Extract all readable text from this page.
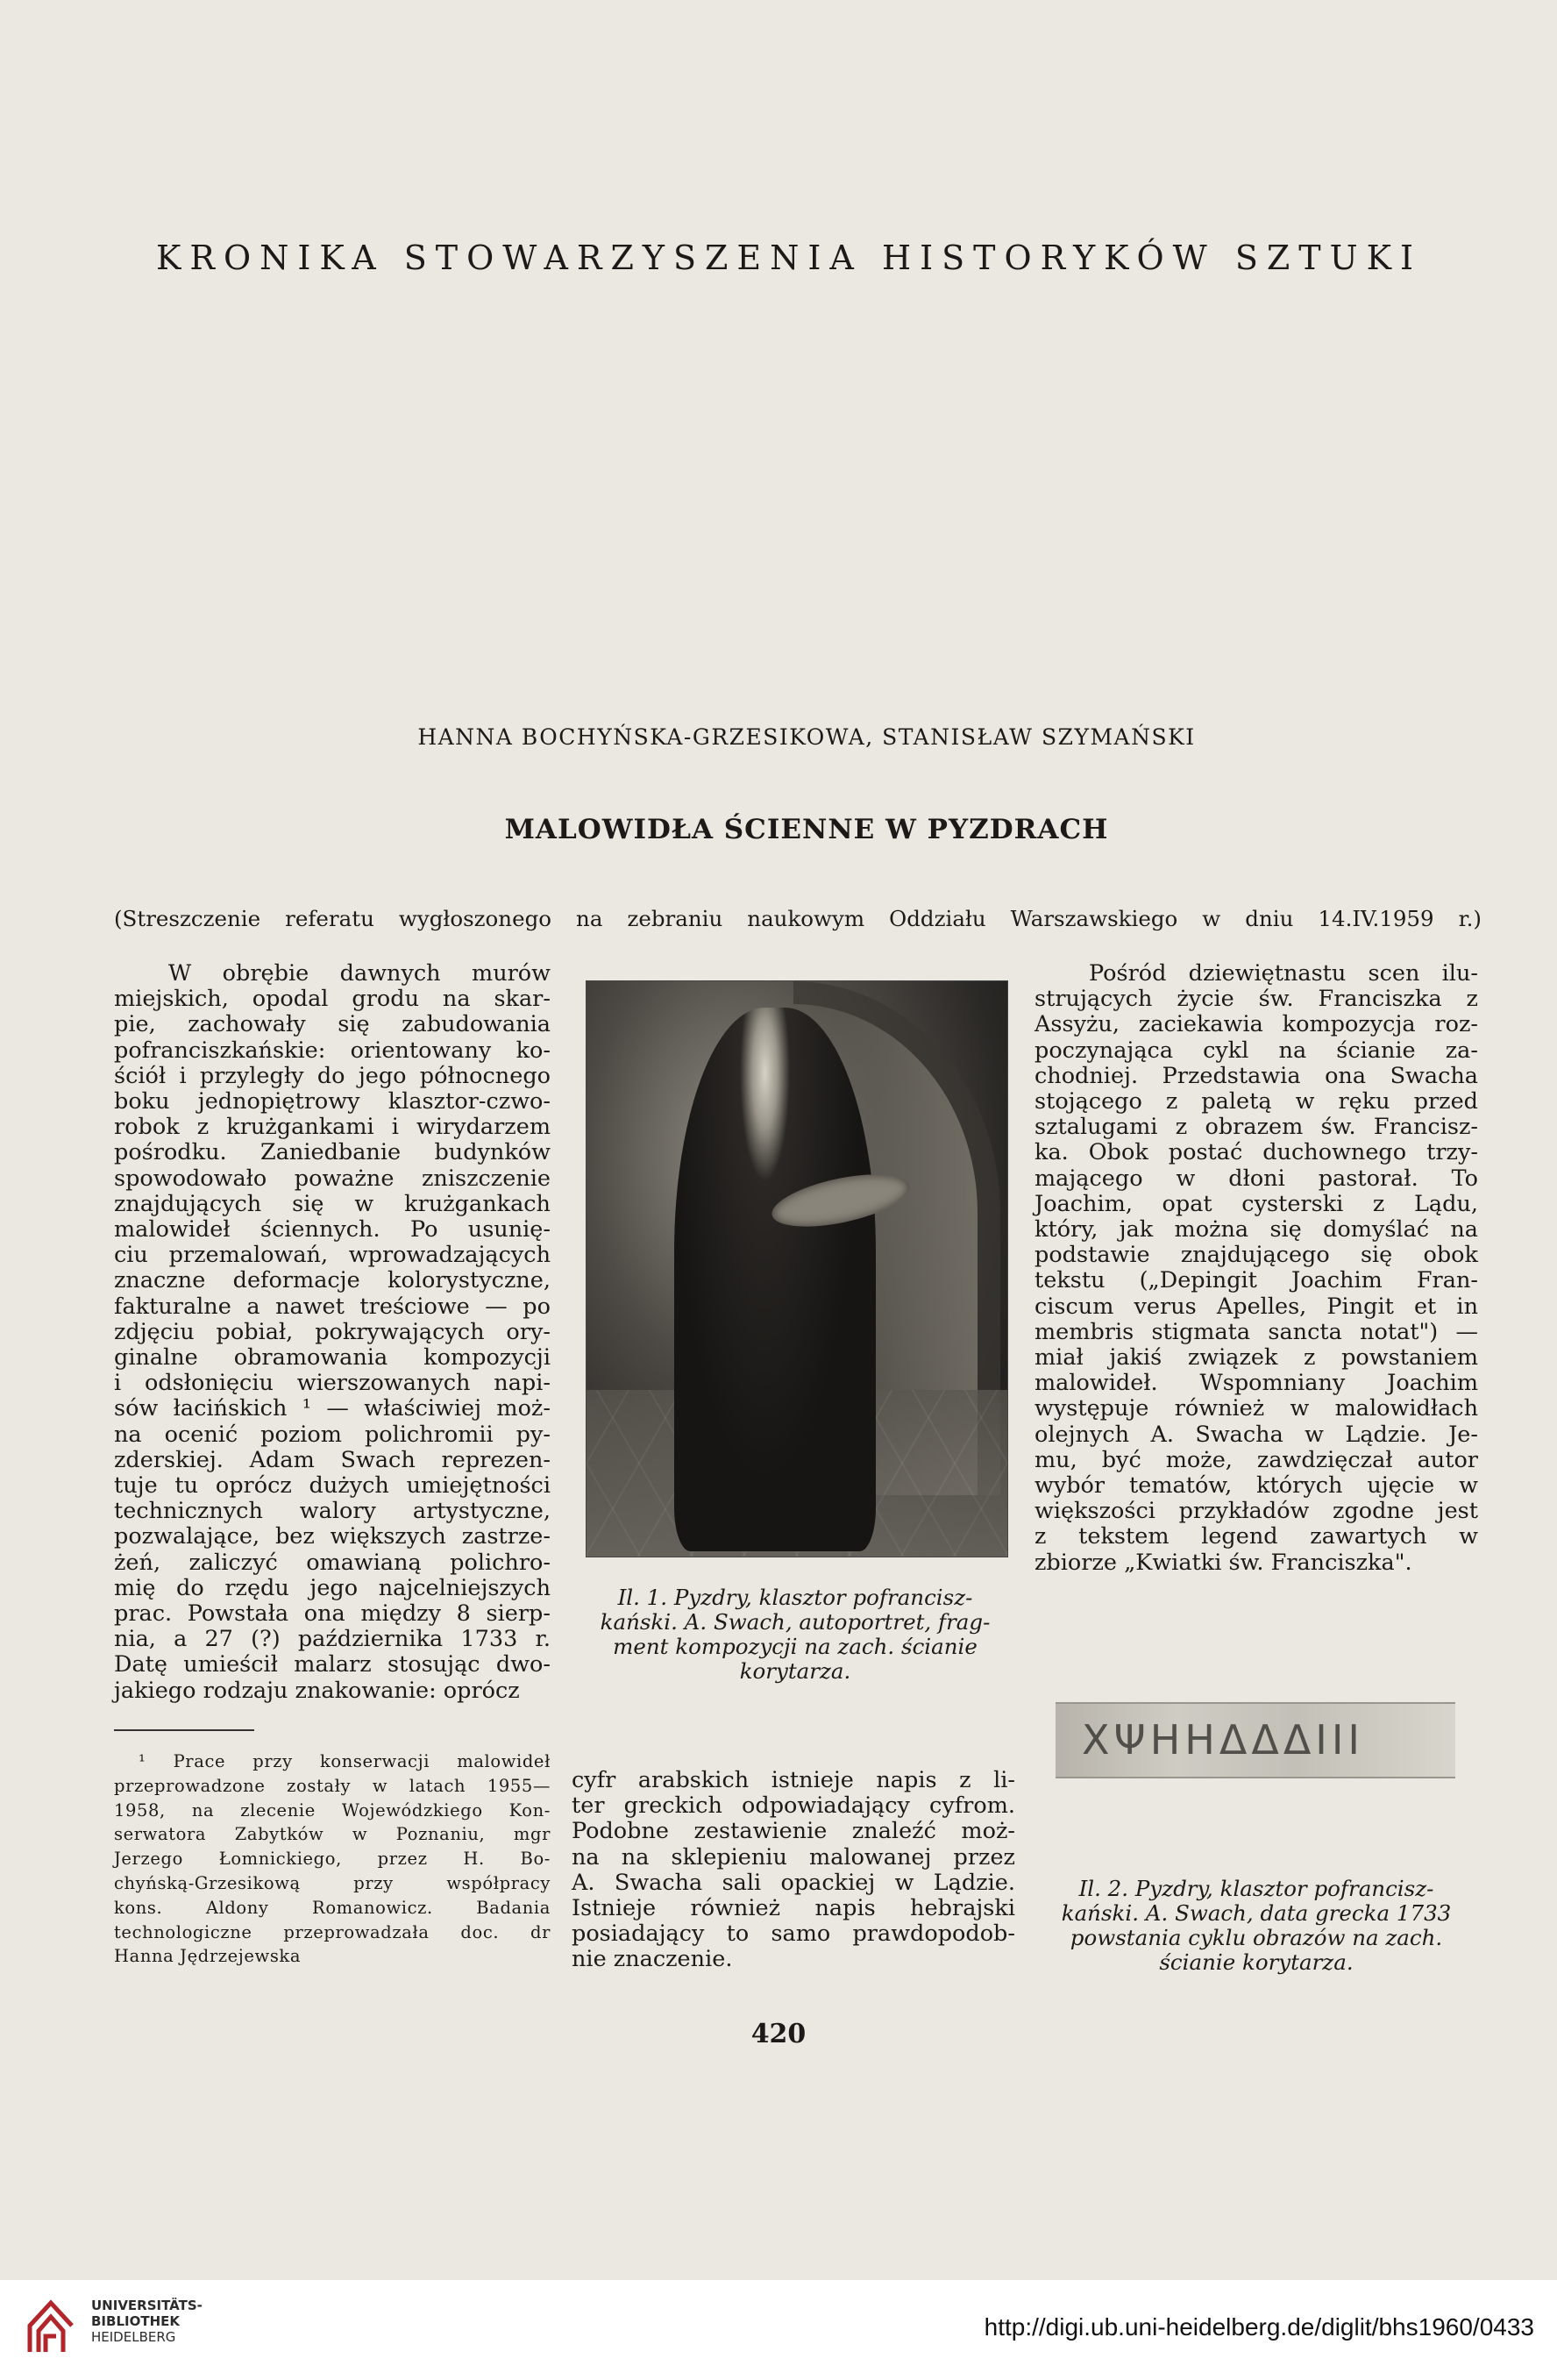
KRONIKA STOWARZYSZENIA HISTORYKÓW SZTUKI
HANNA BOCHYŃSKA-GRZESIKOWA, STANISŁAW SZYMAŃSKI
MALOWIDŁA ŚCIENNE W PYZDRACH
(Streszczenie referatu wygłoszonego na zebraniu naukowym Oddziału Warszawskiego w dniu 14.IV.1959 r.)
W obrębie dawnych murów
miejskich, opodal grodu na skar-
pie, zachowały się zabudowania
pofranciszkańskie: orientowany ko-
ściół i przyległy do jego północnego
boku jednopiętrowy klasztor-czwo-
robok z krużgankami i wirydarzem
pośrodku. Zaniedbanie budynków
spowodowało poważne zniszczenie
znajdujących się w krużgankach
malowideł ściennych. Po usunię-
ciu przemalowań, wprowadzających
znaczne deformacje kolorystyczne,
fakturalne a nawet treściowe — po
zdjęciu pobiał, pokrywających ory-
ginalne obramowania kompozycji
i odsłonięciu wierszowanych napi-
sów łacińskich ¹ — właściwiej moż-
na ocenić poziom polichromii py-
zderskiej. Adam Swach reprezen-
tuje tu oprócz dużych umiejętności
technicznych walory artystyczne,
pozwalające, bez większych zastrze-
żeń, zaliczyć omawianą polichro-
mię do rzędu jego najcelniejszych
prac. Powstała ona między 8 sierp-
nia, a 27 (?) października 1733 r.
Datę umieścił malarz stosując dwo-
jakiego rodzaju znakowanie: oprócz
Il. 1. Pyzdry, klasztor pofrancisz-
kański. A. Swach, autoportret, frag-
ment kompozycji na zach. ścianie
korytarza.
Pośród dziewiętnastu scen ilu-
strujących życie św. Franciszka z
Assyżu, zaciekawia kompozycja roz-
poczynająca cykl na ścianie za-
chodniej. Przedstawia ona Swacha
stojącego z paletą w ręku przed
sztalugami z obrazem św. Francisz-
ka. Obok postać duchownego trzy-
mającego w dłoni pastorał. To
Joachim, opat cysterski z Lądu,
który, jak można się domyślać na
podstawie znajdującego się obok
tekstu („Depingit Joachim Fran-
ciscum verus Apelles, Pingit et in
membris stigmata sancta notat") —
miał jakiś związek z powstaniem
malowideł. Wspomniany Joachim
występuje również w malowidłach
olejnych A. Swacha w Lądzie. Je-
mu, być może, zawdzięczał autor
wybór tematów, których ujęcie w
większości przykładów zgodne jest
z tekstem legend zawartych w
zbiorze „Kwiatki św. Franciszka".
ΧΨΗΗΔΔΔΙΙΙ
Il. 2. Pyzdry, klasztor pofrancisz-
kański. A. Swach, data grecka 1733
powstania cyklu obrazów na zach.
ścianie korytarza.
¹ Prace przy konserwacji malowideł
przeprowadzone zostały w latach 1955—
1958, na zlecenie Wojewódzkiego Kon-
serwatora Zabytków w Poznaniu, mgr
Jerzego Łomnickiego, przez H. Bo-
chyńską-Grzesikową przy współpracy
kons. Aldony Romanowicz. Badania
technologiczne przeprowadzała doc. dr
Hanna Jędrzejewska
cyfr arabskich istnieje napis z li-
ter greckich odpowiadający cyfrom.
Podobne zestawienie znaleźć moż-
na na sklepieniu malowanej przez
A. Swacha sali opackiej w Lądzie.
Istnieje również napis hebrajski
posiadający to samo prawdopodob-
nie znaczenie.
420
UNIVERSITÄTS-
BIBLIOTHEK
HEIDELBERG	http://digi.ub.uni-heidelberg.de/diglit/bhs1960/0433
